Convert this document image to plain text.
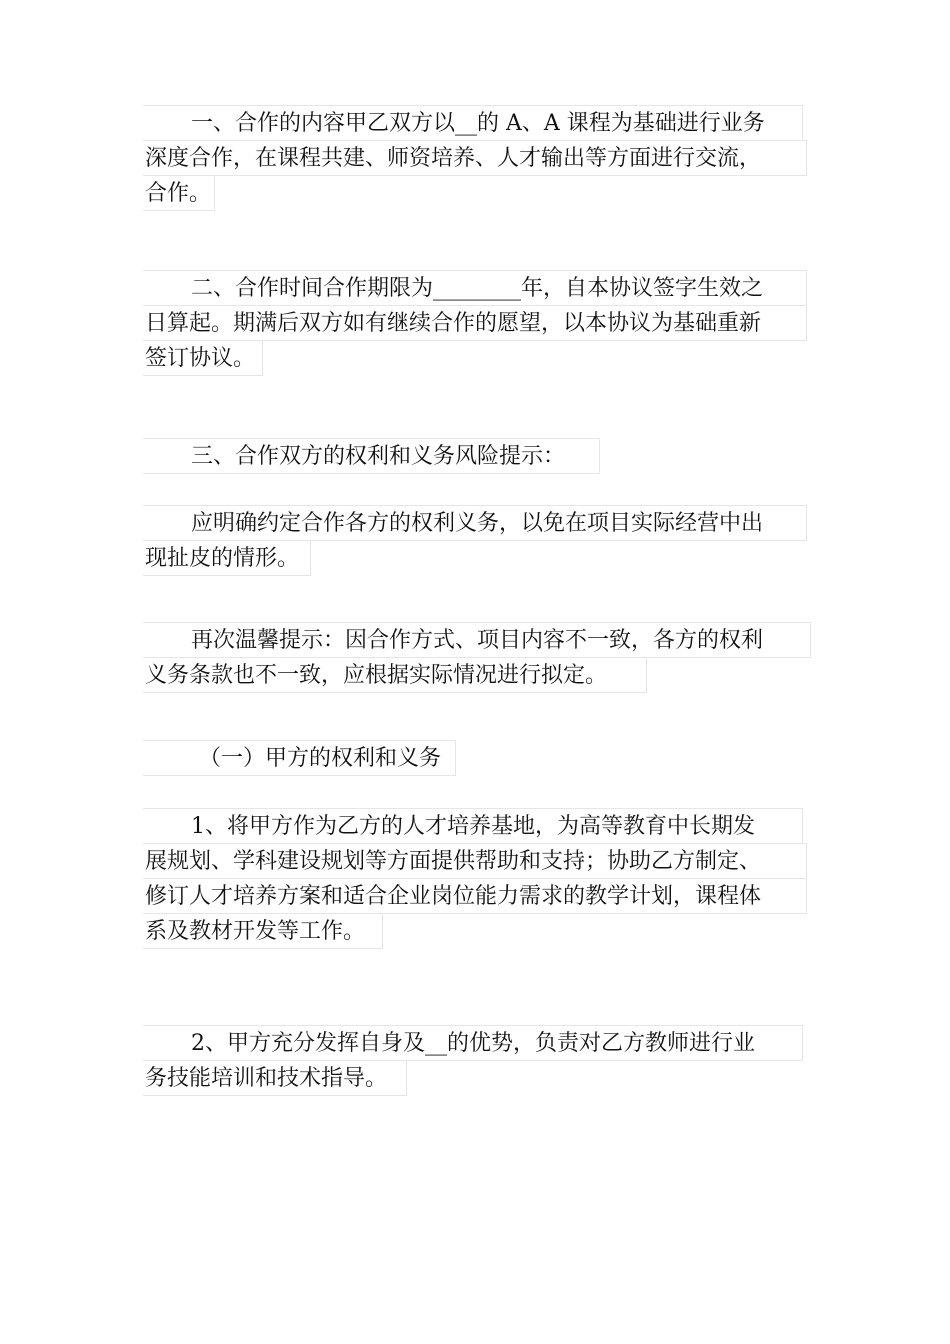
一、合作的内容甲乙双方以__的 A、A 课程为基础进行业务
深度合作，在课程共建、师资培养、人才输出等方面进行交流，
合作。
二、合作时间合作期限为________年，自本协议签字生效之
日算起。期满后双方如有继续合作的愿望，以本协议为基础重新
签订协议。
三、合作双方的权利和义务风险提示：
应明确约定合作各方的权利义务，以免在项目实际经营中出
现扯皮的情形。
再次温馨提示：因合作方式、项目内容不一致，各方的权利
义务条款也不一致，应根据实际情况进行拟定。
（一）甲方的权利和义务
1、将甲方作为乙方的人才培养基地，为高等教育中长期发
展规划、学科建设规划等方面提供帮助和支持；协助乙方制定、
修订人才培养方案和适合企业岗位能力需求的教学计划，课程体
系及教材开发等工作。
2、甲方充分发挥自身及__的优势，负责对乙方教师进行业
务技能培训和技术指导。
